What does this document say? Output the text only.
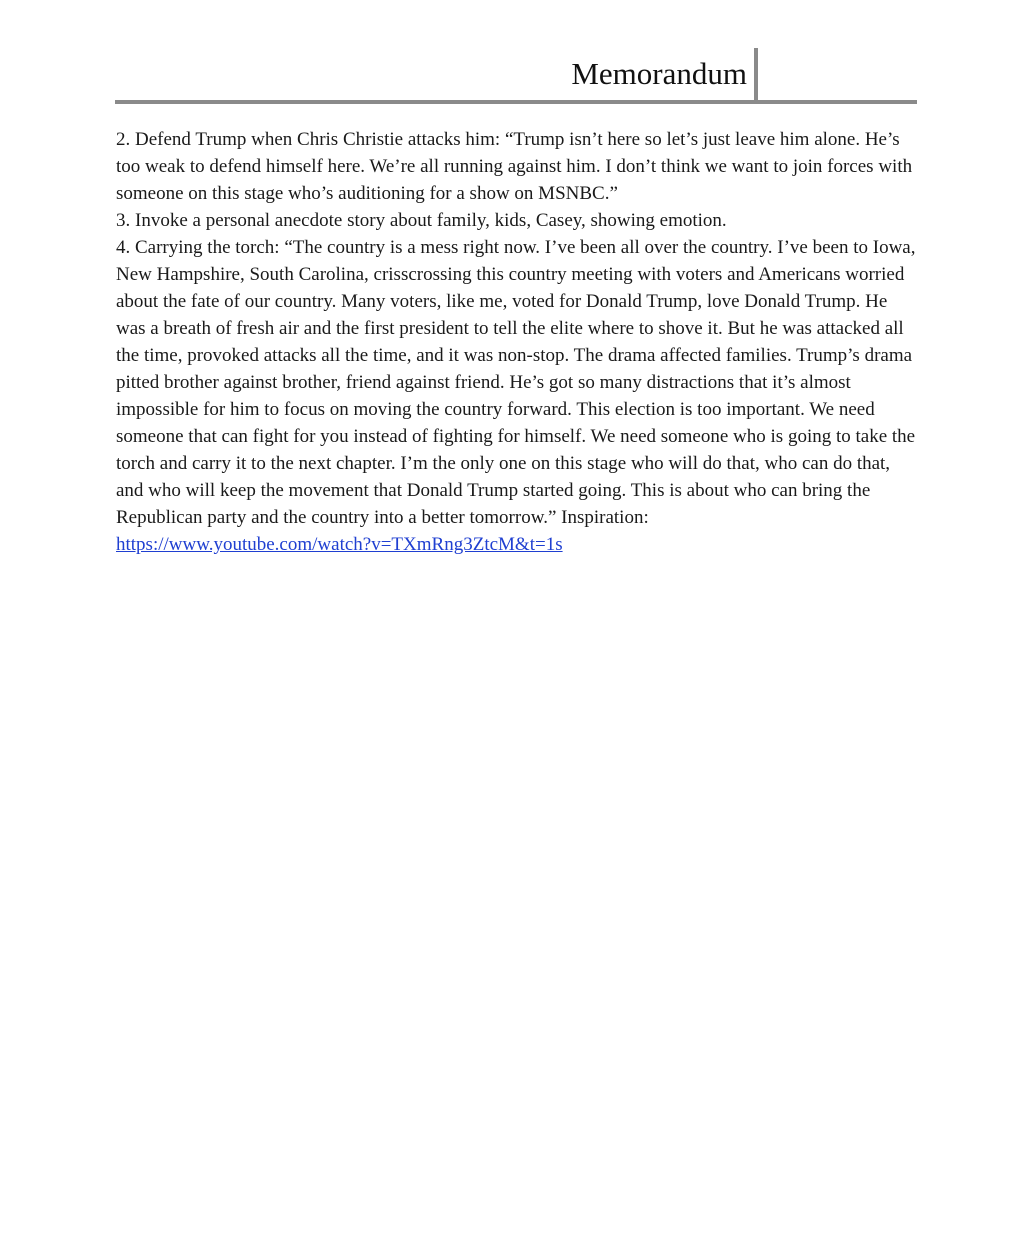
Memorandum

2. Defend Trump when Chris Christie attacks him: “Trump isn’t here so let’s just leave him alone. He’s too weak to defend himself here. We’re all running against him. I don’t think we want to join forces with someone on this stage who’s auditioning for a show on MSNBC.”

3. Invoke a personal anecdote story about family, kids, Casey, showing emotion.

4. Carrying the torch: “The country is a mess right now. I’ve been all over the country. I’ve been to Iowa, New Hampshire, South Carolina, crisscrossing this country meeting with voters and Americans worried about the fate of our country. Many voters, like me, voted for Donald Trump, love Donald Trump. He was a breath of fresh air and the first president to tell the elite where to shove it. But he was attacked all the time, provoked attacks all the time, and it was non-stop. The drama affected families. Trump’s drama pitted brother against brother, friend against friend. He’s got so many distractions that it’s almost impossible for him to focus on moving the country forward. This election is too important. We need someone that can fight for you instead of fighting for himself. We need someone who is going to take the torch and carry it to the next chapter. I’m the only one on this stage who will do that, who can do that, and who will keep the movement that Donald Trump started going. This is about who can bring the Republican party and the country into a better tomorrow.” Inspiration:

https://www.youtube.com/watch?v=TXmRng3ZtcM&t=1s
